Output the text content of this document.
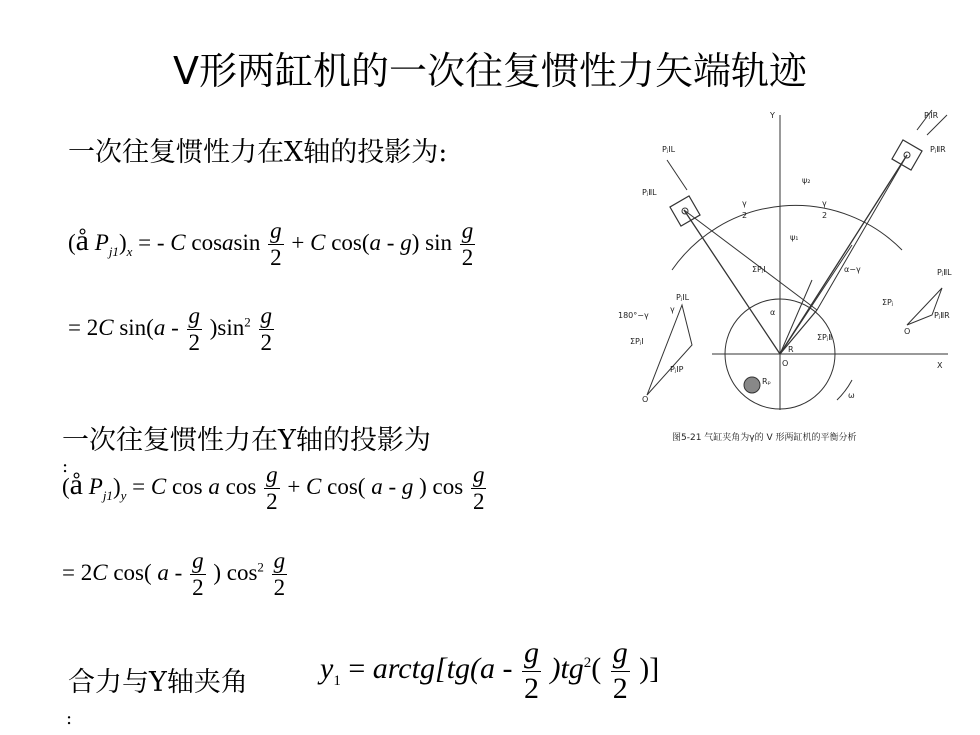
V形两缸机的一次往复惯性力矢端轨迹
一次往复惯性力在X轴的投影为:
(å $P_{j1})_x$ = - C cosasin $\frac{g}{2} + C$ cos(a - g) $\sin \frac{g}{2}$
= 2C $\sin(a - \frac{g}{2} )\sin^2 \frac{g}{2}$
一次往复惯性力在Y轴的投影为
:
(å $P_{j1})_y = C$ cos a $\cos \frac{g}{2} + C$ cos( a - g ) $\cos \frac{g}{2}$
= 2C cos( a - $\frac{g}{2}$ ) $\cos^2 \frac{g}{2}$
合力与Y轴夹角
:
$y_1$ = arctg[tg(a - $\frac{g}{2} )tg^2( \frac{g}{2}$ )]
Y
X
O
R
ω
Rₚ
ψ₂
ψ₁
γ
2
γ
2
α
α−γ
180°−γ
γ
PⱼⅠR
PⱼⅡR
PⱼⅠL
PⱼⅡL
ΣPⱼⅠ
ΣPⱼⅡ
PⱼⅠL
PⱼⅡL
ΣPⱼ
PⱼⅡR
ΣPⱼⅠ
PⱼⅠP
O
O
图5-21 气缸夹角为γ的 V 形两缸机的平衡分析
